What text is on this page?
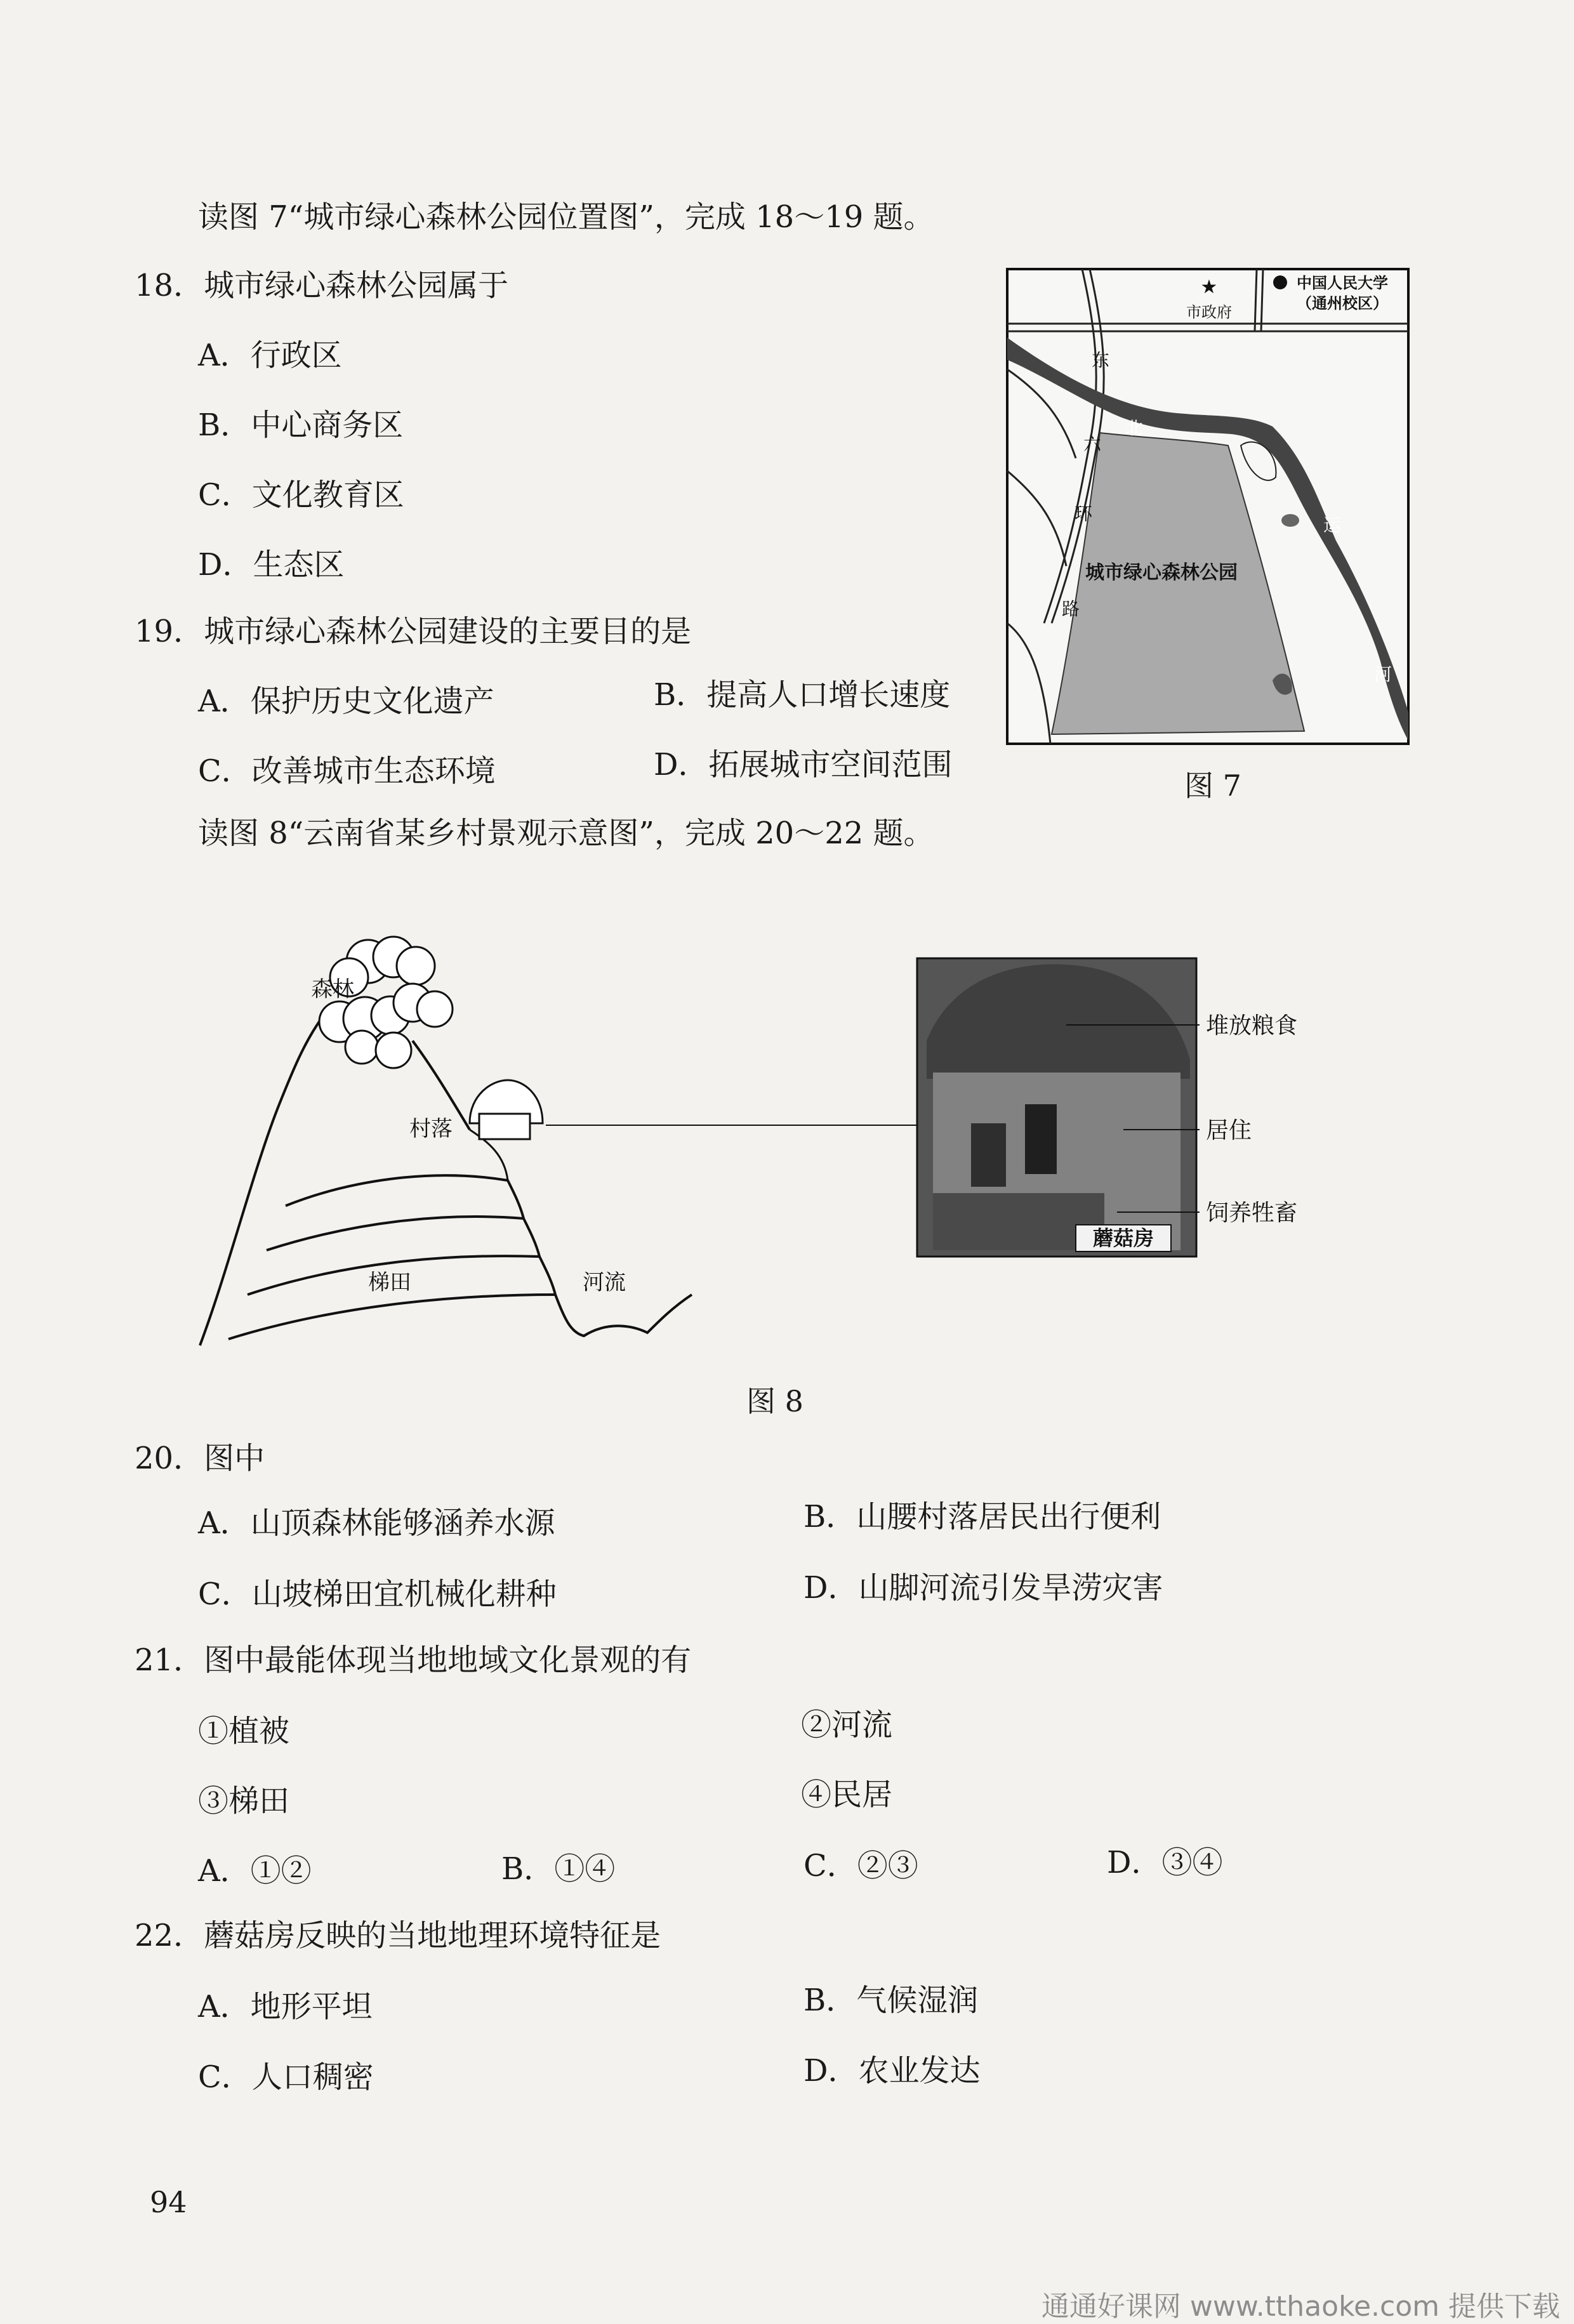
读图 7“城市绿心森林公园位置图”，完成 18～19 题。
18．城市绿心森林公园属于
A．行政区
B．中心商务区
C．文化教育区
D．生态区
19．城市绿心森林公园建设的主要目的是
A．保护历史文化遗产	B．提高人口增长速度
C．改善城市生态环境	D．拓展城市空间范围
★
市政府
中国人民大学
（通州校区）
城市绿心森林公园
东
六
环
路
北
运
河
图 7
读图 8“云南省某乡村景观示意图”，完成 20～22 题。
蘑菇房
森林
村落
梯田	河流
堆放粮食
居住
饲养牲畜
图 8
20．图中
A．山顶森林能够涵养水源	B．山腰村落居民出行便利
C．山坡梯田宜机械化耕种	D．山脚河流引发旱涝灾害
21．图中最能体现当地地域文化景观的有
①植被	②河流
③梯田	④民居
A．①②	B．①④	C．②③	D．③④
22．蘑菇房反映的当地地理环境特征是
A．地形平坦	B．气候湿润
C．人口稠密	D．农业发达
94
通通好课网 www.tthaoke.com 提供下载
